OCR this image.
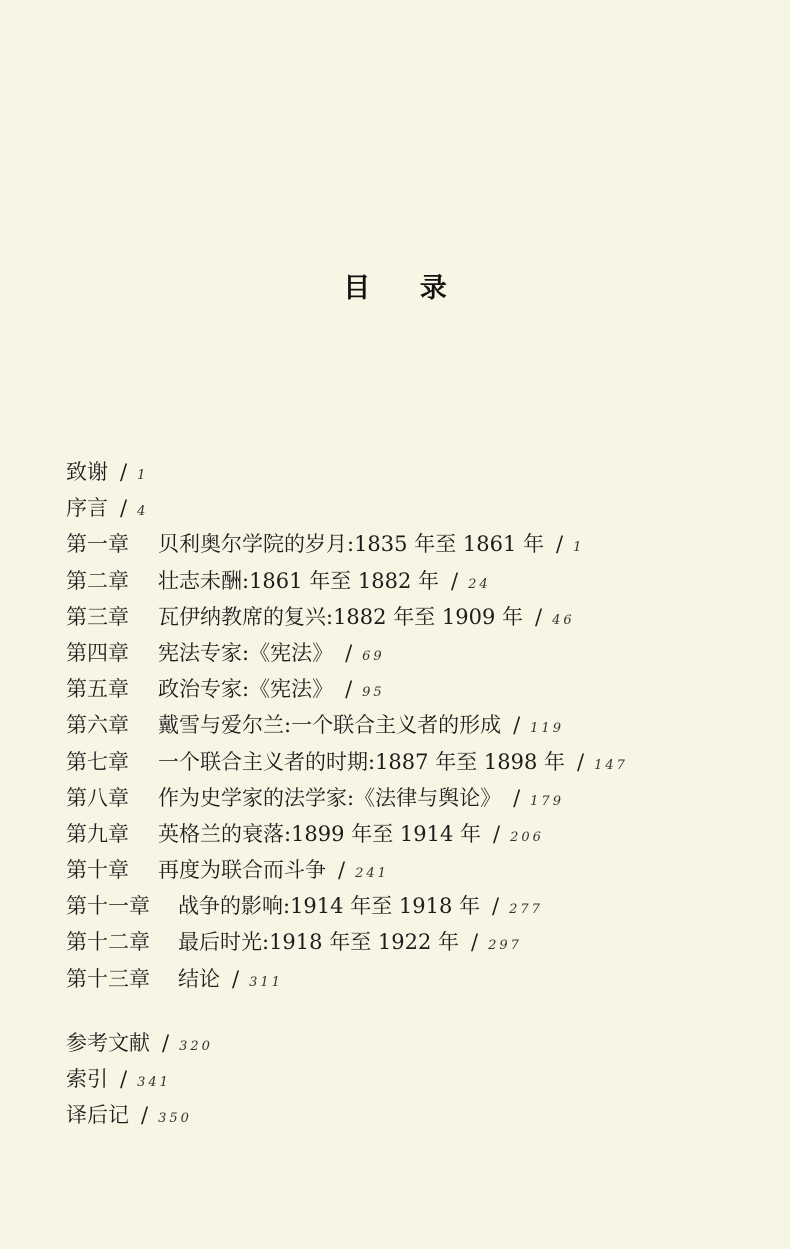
目 录
致谢 / 1
序言 / 4
第一章 贝利奥尔学院的岁月:1835 年至 1861 年 / 1
第二章 壮志未酬:1861 年至 1882 年 / 24
第三章 瓦伊纳教席的复兴:1882 年至 1909 年 / 46
第四章 宪法专家:《宪法》 / 69
第五章 政治专家:《宪法》 / 95
第六章 戴雪与爱尔兰:一个联合主义者的形成 / 119
第七章 一个联合主义者的时期:1887 年至 1898 年 / 147
第八章 作为史学家的法学家:《法律与舆论》 / 179
第九章 英格兰的衰落:1899 年至 1914 年 / 206
第十章 再度为联合而斗争 / 241
第十一章 战争的影响:1914 年至 1918 年 / 277
第十二章 最后时光:1918 年至 1922 年 / 297
第十三章 结论 / 311
参考文献 / 320
索引 / 341
译后记 / 350
